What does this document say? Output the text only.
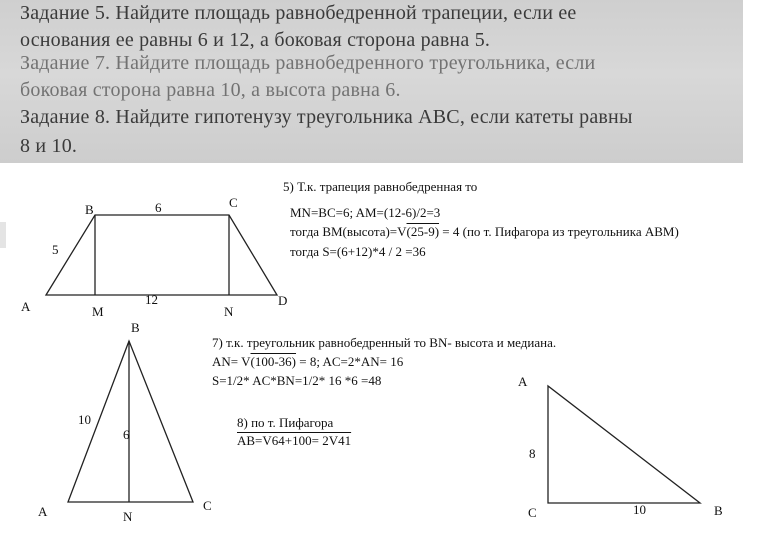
Задание 5. Найдите площадь равнобедренной трапеции, если ее
основания ее равны 6 и 12, а боковая сторона равна 5.
Задание 7. Найдите площадь равнобедренного треугольника, если
боковая сторона равна 10, а высота равна 6.
Задание 8. Найдите гипотенузу треугольника ABC, если катеты равны
8 и 10.
B	C
6
5
A	M
12
N
D
B
10
6
A	N
C
A
8
C	10	B
5) Т.к. трапеция равнобедренная то
MN=BC=6; AM=(12-6)/2=3
тогда BM(высота)=V(25-9) = 4 (по т. Пифагора из треугольника ABM)
тогда S=(6+12)*4 / 2 =36
7) т.к. треугольник равнобедренный то BN- высота и медиана.
AN= V(100-36) = 8; AC=2*AN= 16
S=1/2* AC*BN=1/2* 16 *6 =48
8) по т. Пифагора
AB=V64+100= 2V41
